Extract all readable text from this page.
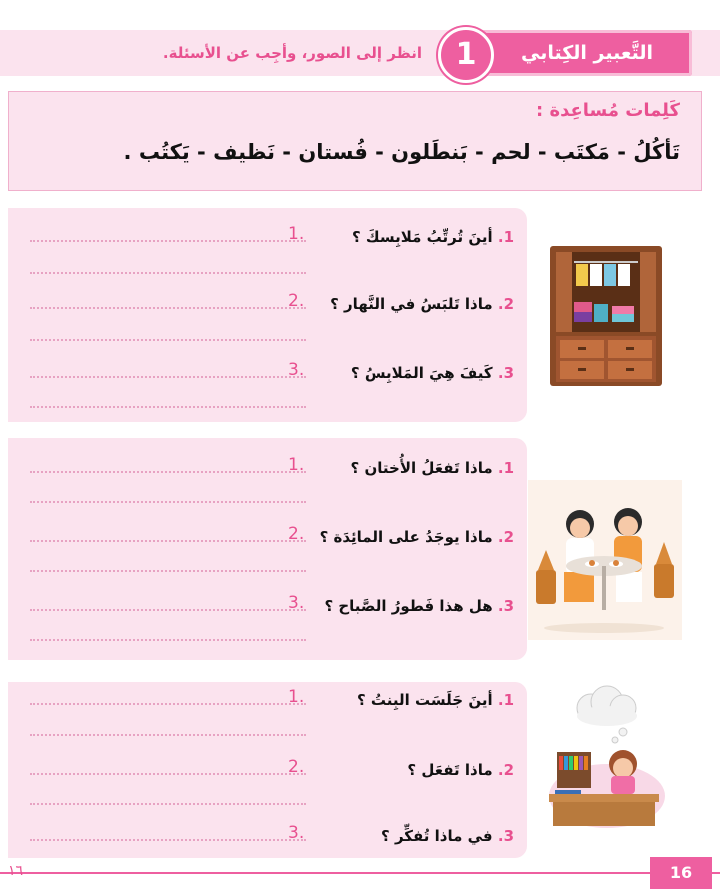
التَّعبير الكِتابي
1
انظر إلى الصور، وأجِب عن الأسئلة.
كَلِمات مُساعِدة :
تَأكُلُ - مَكتَب - لحم - بَنطَلون - فُستان - نَظيف - يَكتُب .
1. أينَ تُرتِّبُ مَلابِسكَ ؟
1.
2. ماذا تَلبَسُ في النَّهار ؟
2.
3. كَيفَ هِيَ المَلابِسُ ؟
3.
1. ماذا تَفعَلُ الأُختان ؟
1.
2. ماذا يوجَدُ على المائِدَة ؟
2.
3. هل هذا فَطورُ الصَّباح ؟
3.
1. أينَ جَلَسَت البِنتُ ؟
1.
2. ماذا تَفعَل ؟
2.
3. في ماذا تُفكِّر ؟
3.
16
١٦
